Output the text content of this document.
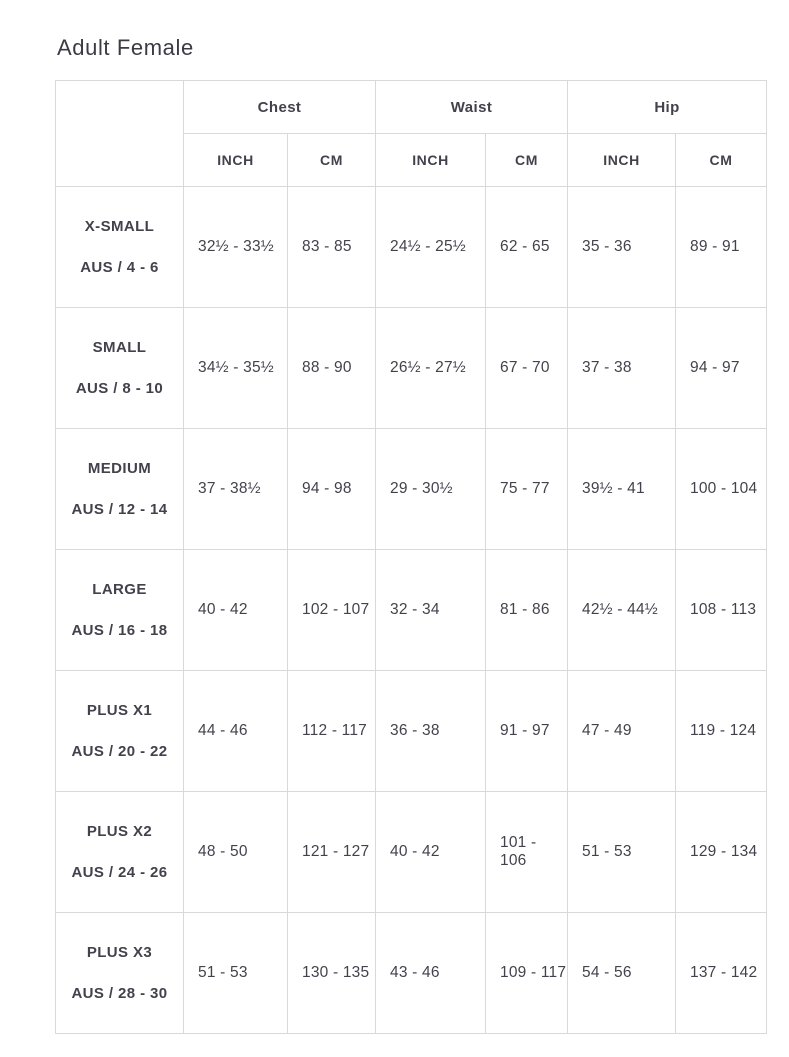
Adult Female
	Chest		Waist		Hip	
	INCH	CM	INCH	CM	INCH	CM

X-SMALL
AUS / 4 - 6	32½ - 33½	83 - 85	24½ - 25½	62 - 65	35 - 36	89 - 91

SMALL
AUS / 8 - 10	34½ - 35½	88 - 90	26½ - 27½	67 - 70	37 - 38	94 - 97

MEDIUM
AUS / 12 - 14	37 - 38½	94 - 98	29 - 30½	75 - 77	39½ - 41	100 - 104

LARGE
AUS / 16 - 18	40 - 42	102 - 107	32 - 34	81 - 86	42½ - 44½	108 - 113

PLUS X1
AUS / 20 - 22	44 - 46	112 - 117	36 - 38	91 - 97	47 - 49	119 - 124

PLUS X2
AUS / 24 - 26	48 - 50	121 - 127	40 - 42	101 - 106	51 - 53	129 - 134

PLUS X3
AUS / 28 - 30	51 - 53	130 - 135	43 - 46	109 - 117	54 - 56	137 - 142
